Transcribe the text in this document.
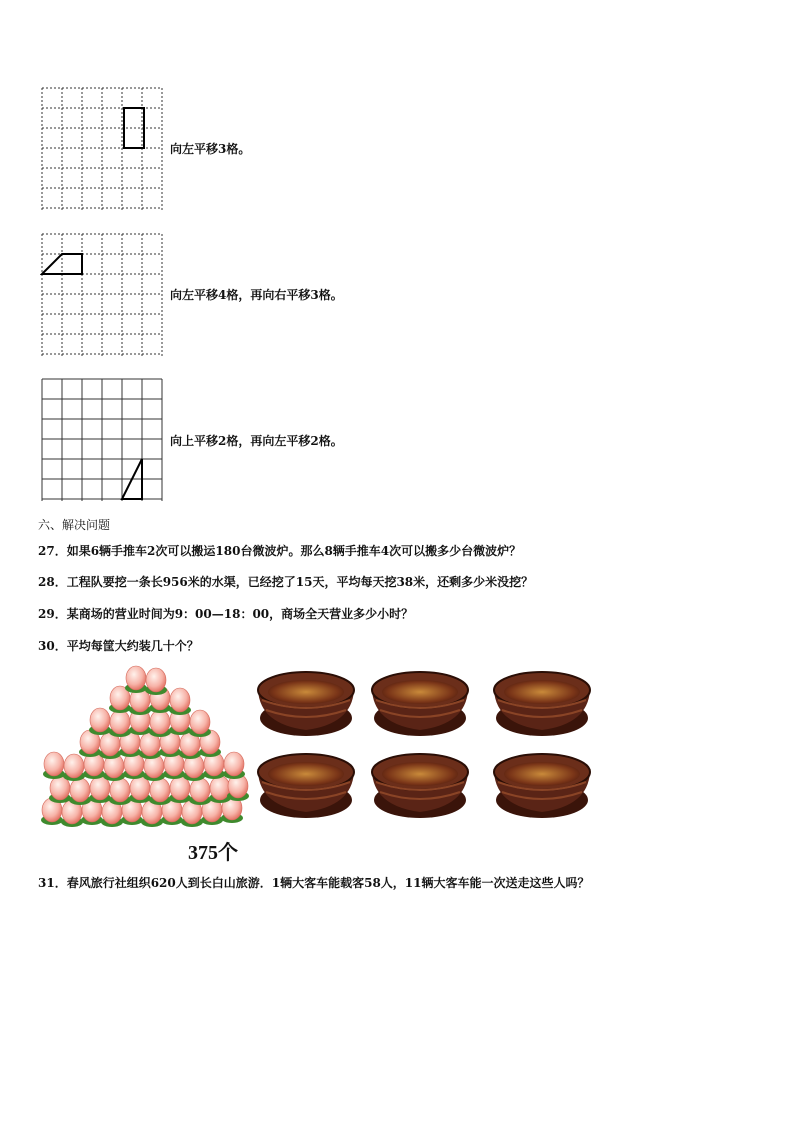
向左平移3格。
向左平移4格，再向右平移3格。
向上平移2格，再向左平移2格。
六、解决问题
27．如果6辆手推车2次可以搬运180台微波炉。那么8辆手推车4次可以搬多少台微波炉？
28．工程队要挖一条长956米的水渠，已经挖了15天，平均每天挖38米，还剩多少米没挖？
29．某商场的营业时间为9：00—18：00，商场全天营业多少小时？
30．平均每筐大约装几十个？
375个
31．春风旅行社组织620人到长白山旅游．1辆大客车能载客58人，11辆大客车能一次送走这些人吗？
